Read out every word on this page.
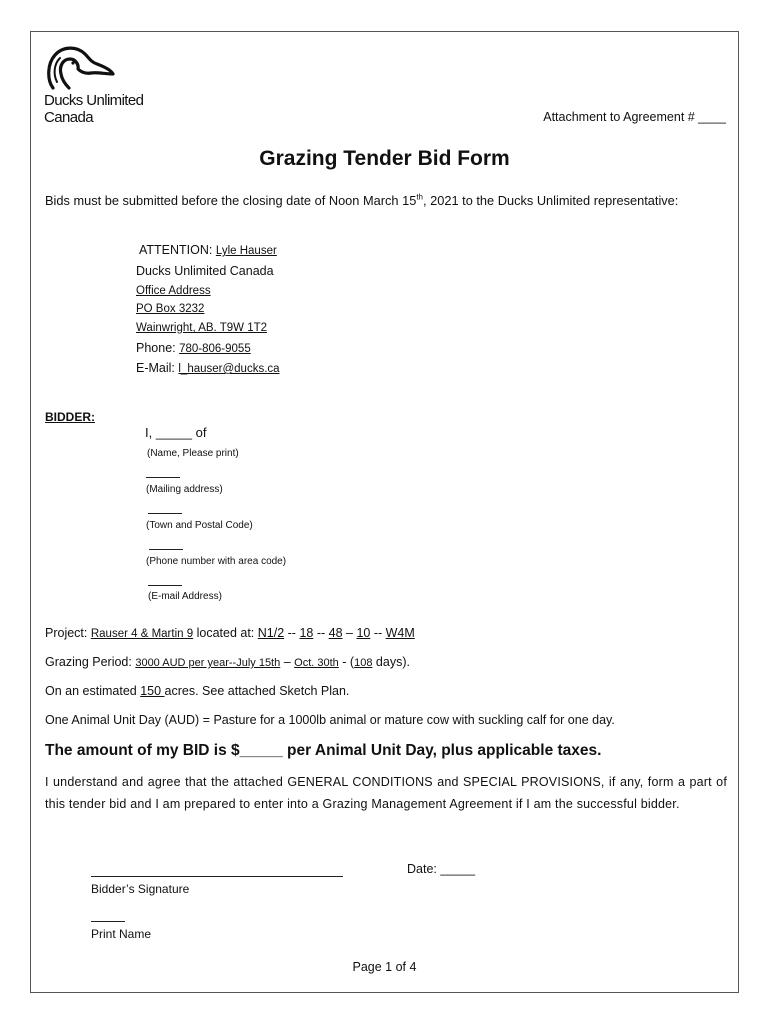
Ducks Unlimited Canada	Attachment to Agreement # ____
Grazing Tender Bid Form
Bids must be submitted before the closing date of Noon March 15th, 2021 to the Ducks Unlimited representative:
ATTENTION: Lyle Hauser
Ducks Unlimited Canada
Office Address
PO Box 3232
Wainwright, AB. T9W 1T2
Phone: 780-806-9055
E-Mail: l_hauser@ducks.ca
BIDDER:
I, _____ of
(Name, Please print)
(Mailing address)
(Town and Postal Code)
(Phone number with area code)
(E-mail Address)
Project: Rauser 4 & Martin 9 located at: N1/2 -- 18 -- 48 – 10 -- W4M
Grazing Period: 3000 AUD per year--July 15th – Oct. 30th - (108 days).
On an estimated 150 acres. See attached Sketch Plan.
One Animal Unit Day (AUD) = Pasture for a 1000lb animal or mature cow with suckling calf for one day.
The amount of my BID is $_____ per Animal Unit Day, plus applicable taxes.
I understand and agree that the attached GENERAL CONDITIONS and SPECIAL PROVISIONS, if any, form a part of this tender bid and I am prepared to enter into a Grazing Management Agreement if I am the successful bidder.
Date: _____
Bidder’s Signature
Print Name
Page 1 of 4
